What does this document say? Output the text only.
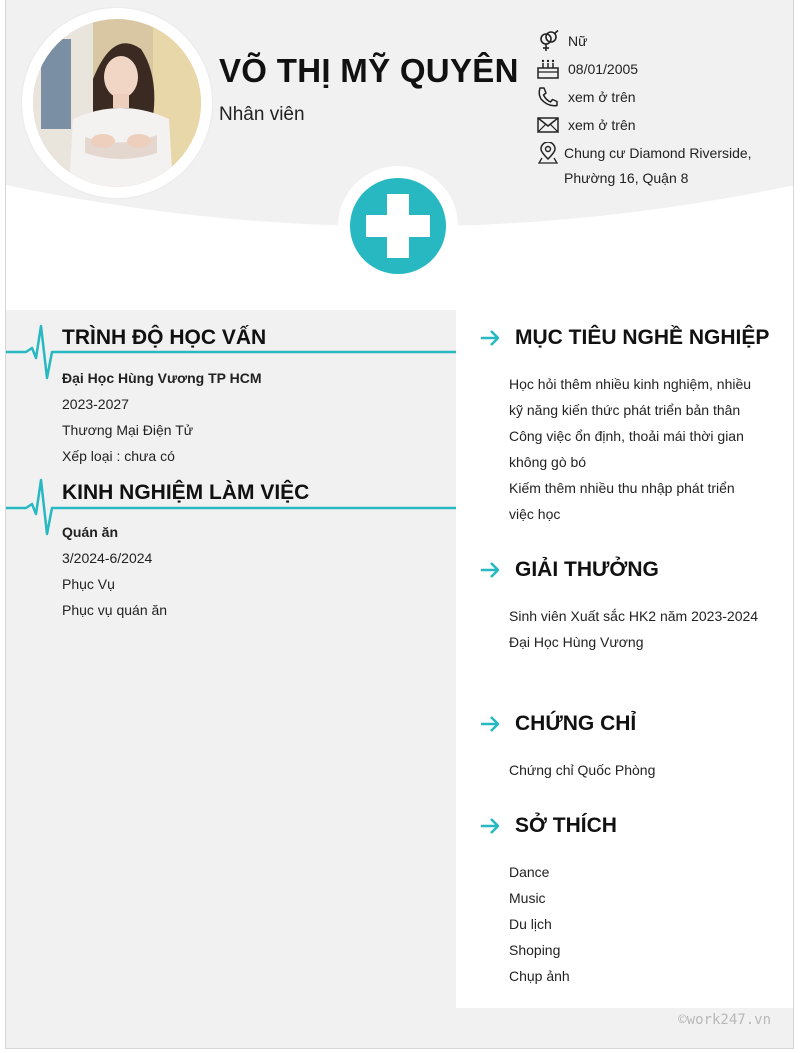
VÕ THỊ MỸ QUYÊN
Nhân viên
Nữ
08/01/2005
xem ở trên
xem ở trên
Chung cư Diamond Riverside,
Phường 16, Quận 8
TRÌNH ĐỘ HỌC VẤN
Đại Học Hùng Vương TP HCM
2023-2027
Thương Mại Điện Tử
Xếp loại : chưa có
KINH NGHIỆM LÀM VIỆC
Quán ăn
3/2024-6/2024
Phục Vụ
Phục vụ quán ăn
MỤC TIÊU NGHỀ NGHIỆP
Học hỏi thêm nhiều kinh nghiệm, nhiều
kỹ năng kiến thức phát triển bản thân
Công việc ổn định, thoải mái thời gian
không gò bó
Kiếm thêm nhiều thu nhập phát triển
việc học
GIẢI THƯỞNG
Sinh viên Xuất sắc HK2 năm 2023-2024
Đại Học Hùng Vương
CHỨNG CHỈ
Chứng chỉ Quốc Phòng
SỞ THÍCH
Dance
Music
Du lịch
Shoping
Chụp ảnh
©work247.vn
